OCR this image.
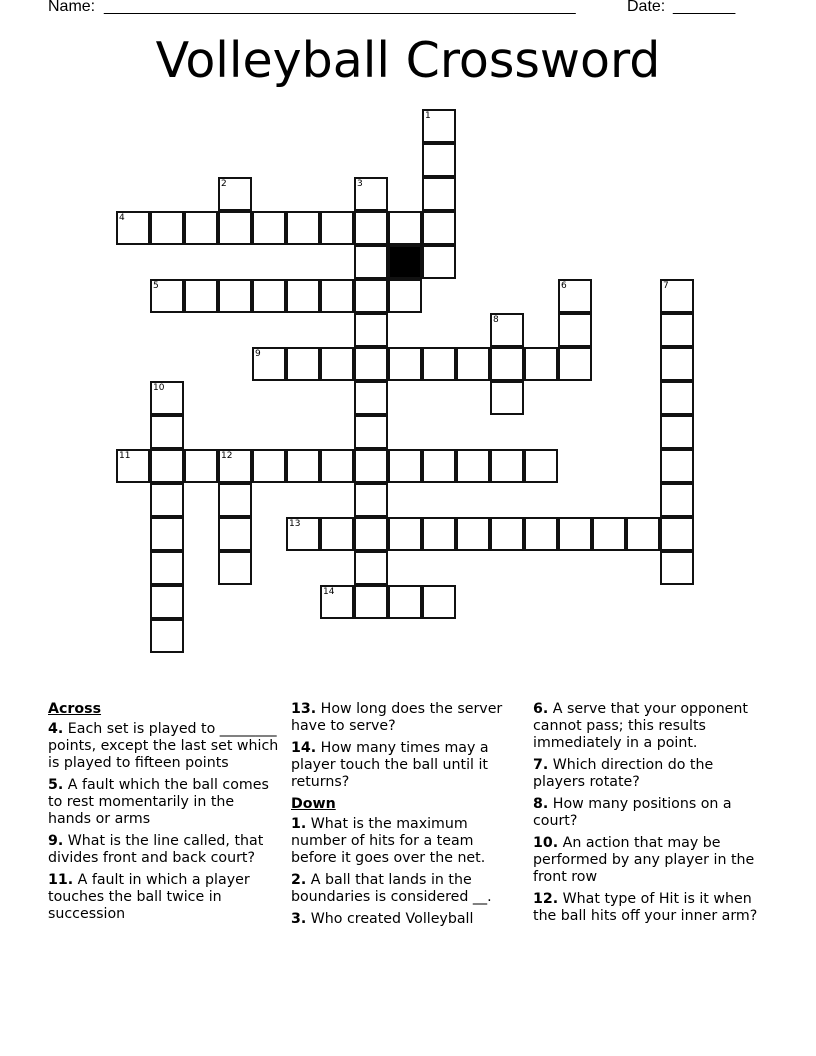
Name: _____________________________________________________	Date: _______
Volleyball Crossword
1
2	3
4
5	6	7
8
9
10
11	12
13
14
Across
4. Each set is played to ________ points, except the last set which is played to fifteen points
5. A fault which the ball comes to rest momentarily in the hands or arms
9. What is the line called, that divides front and back court?
11. A fault in which a player touches the ball twice in succession
13. How long does the server have to serve?
14. How many times may a player touch the ball until it returns?
Down
1. What is the maximum number of hits for a team before it goes over the net.
2. A ball that lands in the boundaries is considered __.
3. Who created Volleyball
6. A serve that your opponent cannot pass; this results immediately in a point.
7. Which direction do the players rotate?
8. How many positions on a court?
10. An action that may be performed by any player in the front row
12. What type of Hit is it when the ball hits off your inner arm?
